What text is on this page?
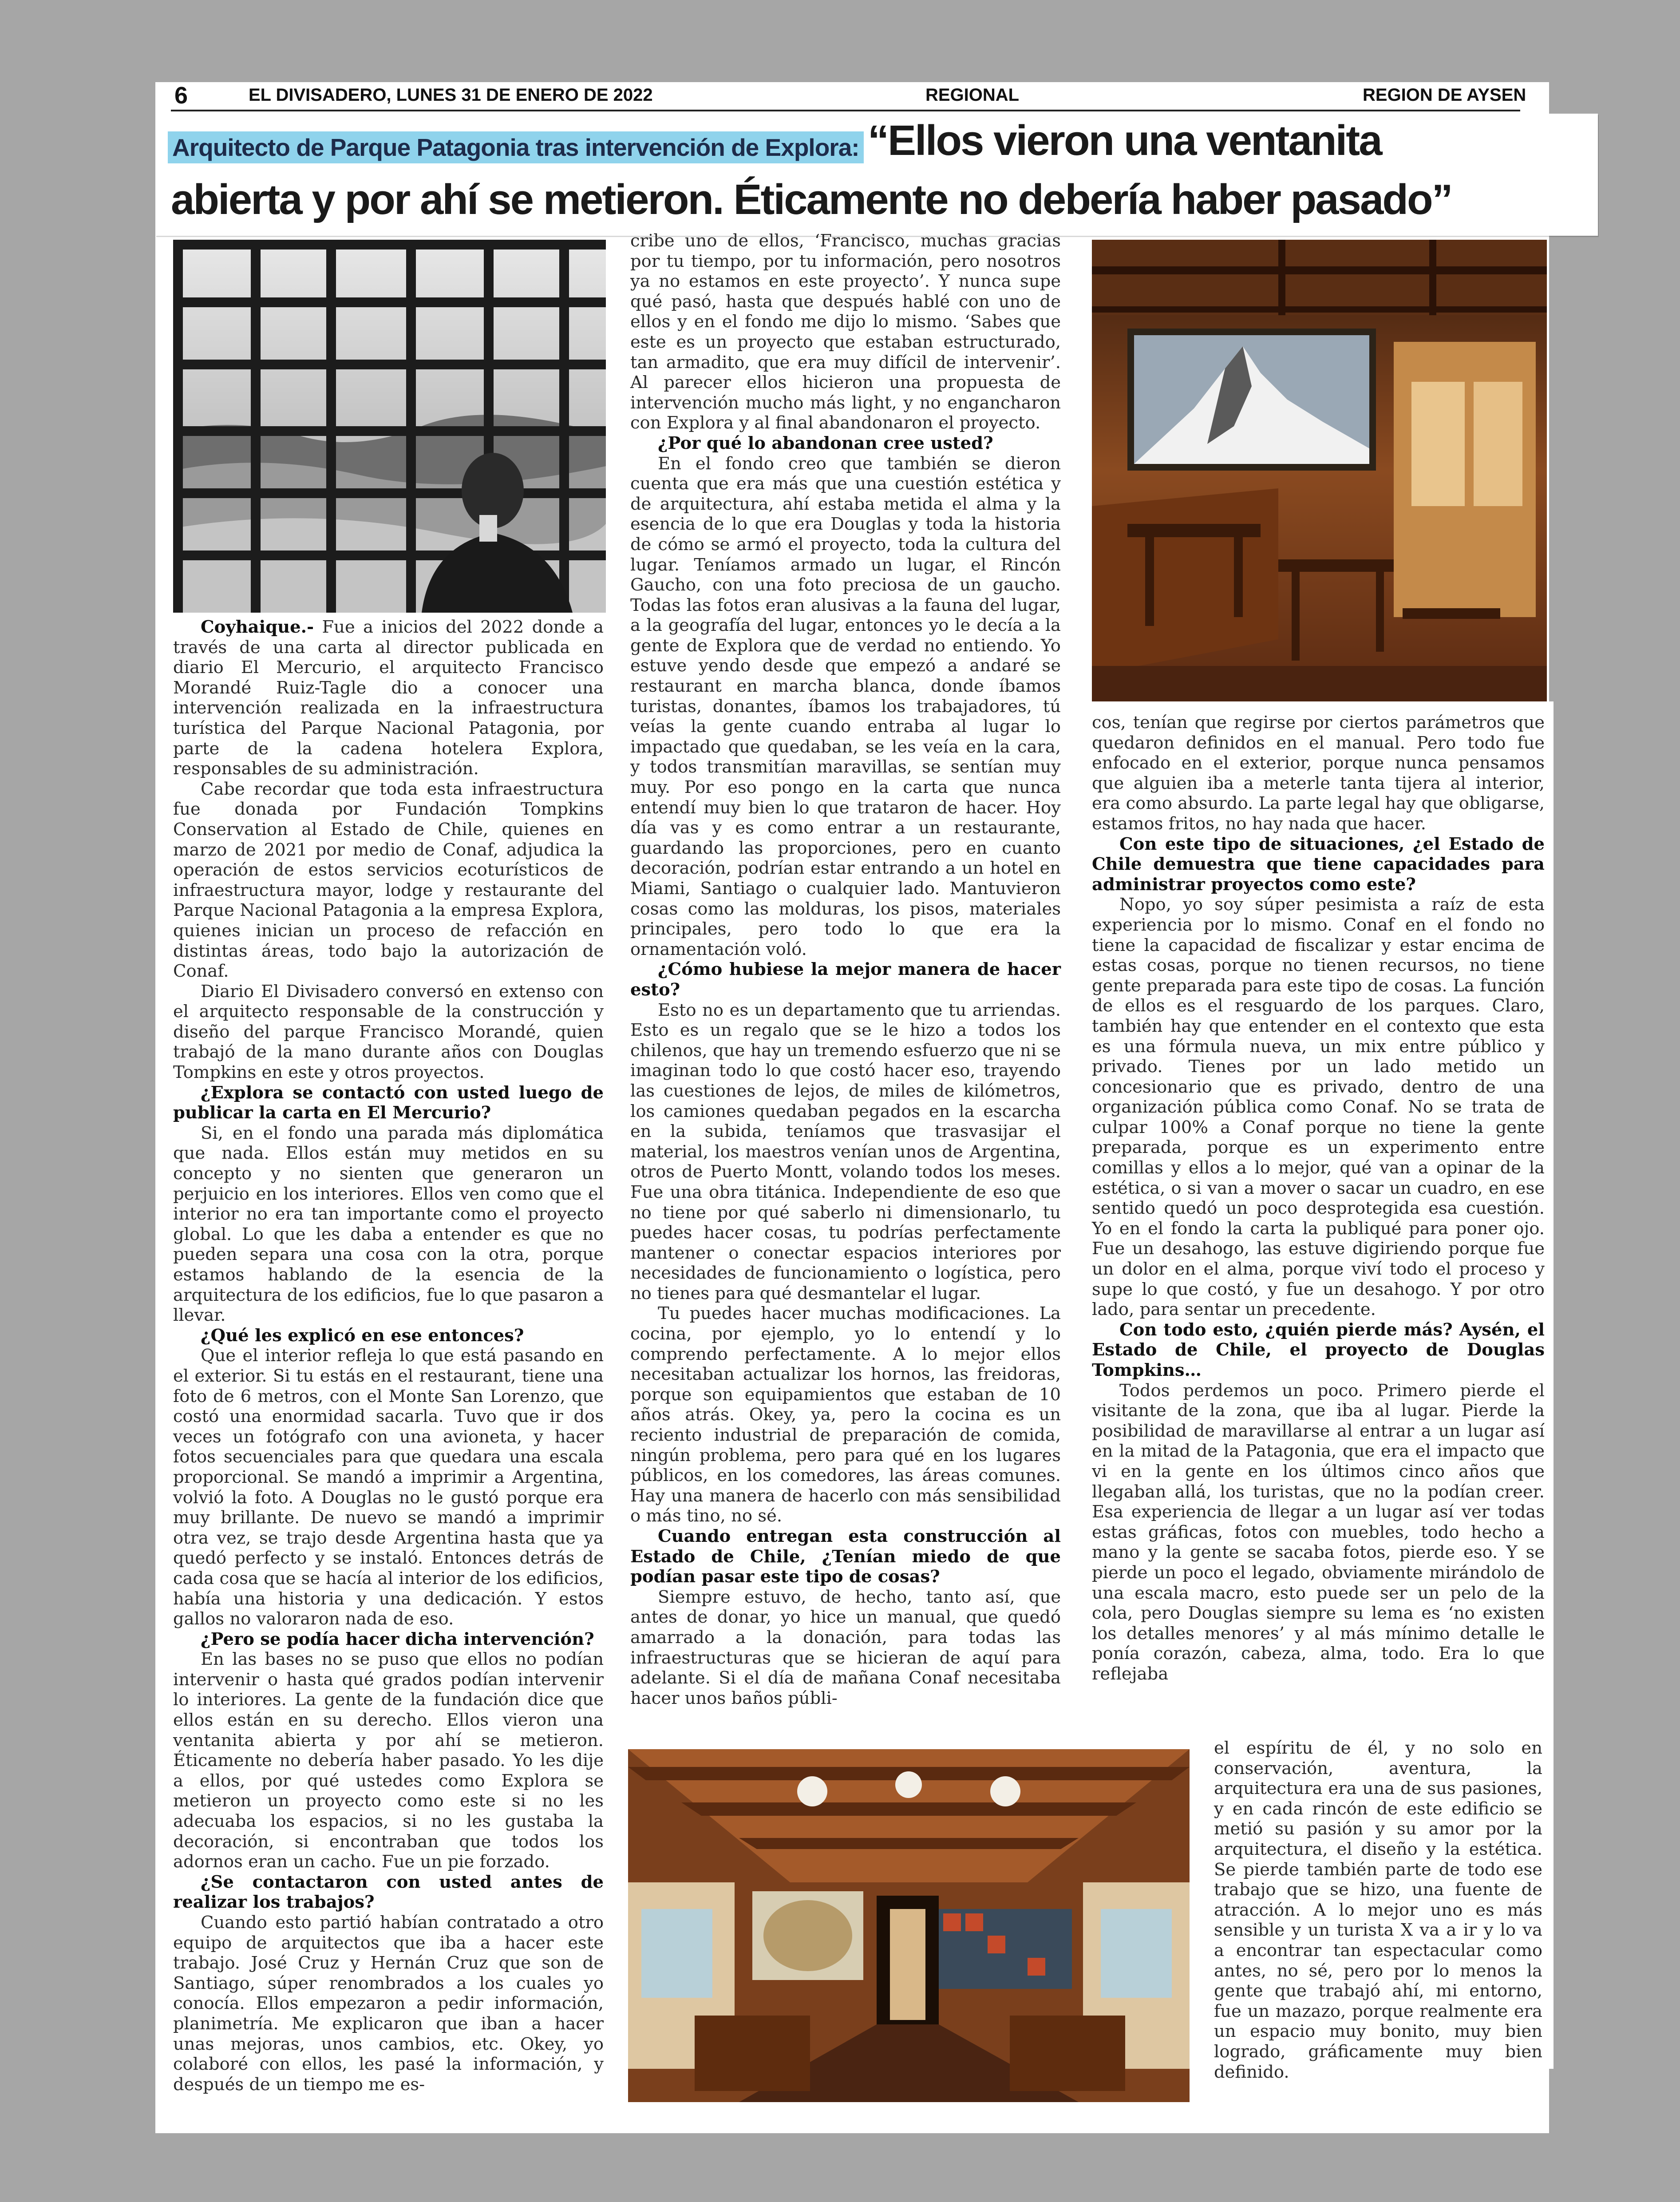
6	EL DIVISADERO, LUNES 31 DE ENERO DE 2022	REGIONAL	REGION DE AYSEN
Arquitecto de Parque Patagonia tras intervención de Explora: “Ellos vieron una ventanita
abierta y por ahí se metieron. Éticamente no debería haber pasado”

Coyhaique.- Fue a inicios del 2022 donde a través de una carta al director publicada en diario El Mercurio, el arquitecto Francisco Morandé Ruiz-Tagle dio a conocer una intervención realizada en la infraestructura turística del Parque Nacional Patagonia, por parte de la cadena hotelera Explora, responsables de su administración.

Cabe recordar que toda esta infraestructura fue donada por Fundación Tompkins Conservation al Estado de Chile, quienes en marzo de 2021 por medio de Conaf, adjudica la operación de estos servicios ecoturísticos de infraestructura mayor, lodge y restaurante del Parque Nacional Patagonia a la empresa Explora, quienes inician un proceso de refacción en distintas áreas, todo bajo la autorización de Conaf.

Diario El Divisadero conversó en extenso con el arquitecto responsable de la construcción y diseño del parque Francisco Morandé, quien trabajó de la mano durante años con Douglas Tompkins en este y otros proyectos.

¿Explora se contactó con usted luego de publicar la carta en El Mercurio?

Si, en el fondo una parada más diplomática que nada. Ellos están muy metidos en su concepto y no sienten que generaron un perjuicio en los interiores. Ellos ven como que el interior no era tan importante como el proyecto global. Lo que les daba a entender es que no pueden separa una cosa con la otra, porque estamos hablando de la esencia de la arquitectura de los edificios, fue lo que pasaron a llevar.

¿Qué les explicó en ese entonces?

Que el interior refleja lo que está pasando en el exterior. Si tu estás en el restaurant, tiene una foto de 6 metros, con el Monte San Lorenzo, que costó una enormidad sacarla. Tuvo que ir dos veces un fotógrafo con una avioneta, y hacer fotos secuenciales para que quedara una escala proporcional. Se mandó a imprimir a Argentina, volvió la foto. A Douglas no le gustó porque era muy brillante. De nuevo se mandó a imprimir otra vez, se trajo desde Argentina hasta que ya quedó perfecto y se instaló. Entonces detrás de cada cosa que se hacía al interior de los edificios, había una historia y una dedicación. Y estos gallos no valoraron nada de eso.

¿Pero se podía hacer dicha intervención?

En las bases no se puso que ellos no podían intervenir o hasta qué grados podían intervenir lo interiores. La gente de la fundación dice que ellos están en su derecho. Ellos vieron una ventanita abierta y por ahí se metieron. Éticamente no debería haber pasado. Yo les dije a ellos, por qué ustedes como Explora se metieron un proyecto como este si no les adecuaba los espacios, si no les gustaba la decoración, si encontraban que todos los adornos eran un cacho. Fue un pie forzado.

¿Se contactaron con usted antes de realizar los trabajos?

Cuando esto partió habían contratado a otro equipo de arquitectos que iba a hacer este trabajo. José Cruz y Hernán Cruz que son de Santiago, súper renombrados a los cuales yo conocía. Ellos empezaron a pedir información, planimetría. Me explicaron que iban a hacer unas mejoras, unos cambios, etc. Okey, yo colaboré con ellos, les pasé la información, y después de un tiempo me es-

cribe uno de ellos, ‘Francisco, muchas gracias por tu tiempo, por tu información, pero nosotros ya no estamos en este proyecto’. Y nunca supe qué pasó, hasta que después hablé con uno de ellos y en el fondo me dijo lo mismo. ‘Sabes que este es un proyecto que estaban estructurado, tan armadito, que era muy difícil de intervenir’. Al parecer ellos hicieron una propuesta de intervención mucho más light, y no engancharon con Explora y al final abandonaron el proyecto.

¿Por qué lo abandonan cree usted?

En el fondo creo que también se dieron cuenta que era más que una cuestión estética y de arquitectura, ahí estaba metida el alma y la esencia de lo que era Douglas y toda la historia de cómo se armó el proyecto, toda la cultura del lugar. Teníamos armado un lugar, el Rincón Gaucho, con una foto preciosa de un gaucho. Todas las fotos eran alusivas a la fauna del lugar, a la geografía del lugar, entonces yo le decía a la gente de Explora que de verdad no entiendo. Yo estuve yendo desde que empezó a andaré se restaurant en marcha blanca, donde íbamos turistas, donantes, íbamos los trabajadores, tú veías la gente cuando entraba al lugar lo impactado que quedaban, se les veía en la cara, y todos transmitían maravillas, se sentían muy muy. Por eso pongo en la carta que nunca entendí muy bien lo que trataron de hacer. Hoy día vas y es como entrar a un restaurante, guardando las proporciones, pero en cuanto decoración, podrían estar entrando a un hotel en Miami, Santiago o cualquier lado. Mantuvieron cosas como las molduras, los pisos, materiales principales, pero todo lo que era la ornamentación voló.

¿Cómo hubiese la mejor manera de hacer esto?

Esto no es un departamento que tu arriendas. Esto es un regalo que se le hizo a todos los chilenos, que hay un tremendo esfuerzo que ni se imaginan todo lo que costó hacer eso, trayendo las cuestiones de lejos, de miles de kilómetros, los camiones quedaban pegados en la escarcha en la subida, teníamos que trasvasijar el material, los maestros venían unos de Argentina, otros de Puerto Montt, volando todos los meses. Fue una obra titánica. Independiente de eso que no tiene por qué saberlo ni dimensionarlo, tu puedes hacer cosas, tu podrías perfectamente mantener o conectar espacios interiores por necesidades de funcionamiento o logística, pero no tienes para qué desmantelar el lugar.

Tu puedes hacer muchas modificaciones. La cocina, por ejemplo, yo lo entendí y lo comprendo perfectamente. A lo mejor ellos necesitaban actualizar los hornos, las freidoras, porque son equipamientos que estaban de 10 años atrás. Okey, ya, pero la cocina es un reciento industrial de preparación de comida, ningún problema, pero para qué en los lugares públicos, en los comedores, las áreas comunes. Hay una manera de hacerlo con más sensibilidad o más tino, no sé.

Cuando entregan esta construcción al Estado de Chile, ¿Tenían miedo de que podían pasar este tipo de cosas?

Siempre estuvo, de hecho, tanto así, que antes de donar, yo hice un manual, que quedó amarrado a la donación, para todas las infraestructuras que se hicieran de aquí para adelante. Si el día de mañana Conaf necesitaba hacer unos baños públi-

cos, tenían que regirse por ciertos parámetros que quedaron definidos en el manual. Pero todo fue enfocado en el exterior, porque nunca pensamos que alguien iba a meterle tanta tijera al interior, era como absurdo. La parte legal hay que obligarse, estamos fritos, no hay nada que hacer.

Con este tipo de situaciones, ¿el Estado de Chile demuestra que tiene capacidades para administrar proyectos como este?

Nopo, yo soy súper pesimista a raíz de esta experiencia por lo mismo. Conaf en el fondo no tiene la capacidad de fiscalizar y estar encima de estas cosas, porque no tienen recursos, no tiene gente preparada para este tipo de cosas. La función de ellos es el resguardo de los parques. Claro, también hay que entender en el contexto que esta es una fórmula nueva, un mix entre público y privado. Tienes por un lado metido un concesionario que es privado, dentro de una organización pública como Conaf. No se trata de culpar 100% a Conaf porque no tiene la gente preparada, porque es un experimento entre comillas y ellos a lo mejor, qué van a opinar de la estética, o si van a mover o sacar un cuadro, en ese sentido quedó un poco desprotegida esa cuestión. Yo en el fondo la carta la publiqué para poner ojo. Fue un desahogo, las estuve digiriendo porque fue un dolor en el alma, porque viví todo el proceso y supe lo que costó, y fue un desahogo. Y por otro lado, para sentar un precedente.

Con todo esto, ¿quién pierde más? Aysén, el Estado de Chile, el proyecto de Douglas Tompkins…

Todos perdemos un poco. Primero pierde el visitante de la zona, que iba al lugar. Pierde la posibilidad de maravillarse al entrar a un lugar así en la mitad de la Patagonia, que era el impacto que vi en la gente en los últimos cinco años que llegaban allá, los turistas, que no la podían creer. Esa experiencia de llegar a un lugar así ver todas estas gráficas, fotos con muebles, todo hecho a mano y la gente se sacaba fotos, pierde eso. Y se pierde un poco el legado, obviamente mirándolo de una escala macro, esto puede ser un pelo de la cola, pero Douglas siempre su lema es ‘no existen los detalles menores’ y al más mínimo detalle le ponía corazón, cabeza, alma, todo. Era lo que reflejaba

el espíritu de él, y no solo en conservación, aventura, la arquitectura era una de sus pasiones, y en cada rincón de este edificio se metió su pasión y su amor por la arquitectura, el diseño y la estética. Se pierde también parte de todo ese trabajo que se hizo, una fuente de atracción. A lo mejor uno es más sensible y un turista X va a ir y lo va a encontrar tan espectacular como antes, no sé, pero por lo menos la gente que trabajó ahí, mi entorno, fue un mazazo, porque realmente era un espacio muy bonito, muy bien logrado, gráficamente muy bien definido.
